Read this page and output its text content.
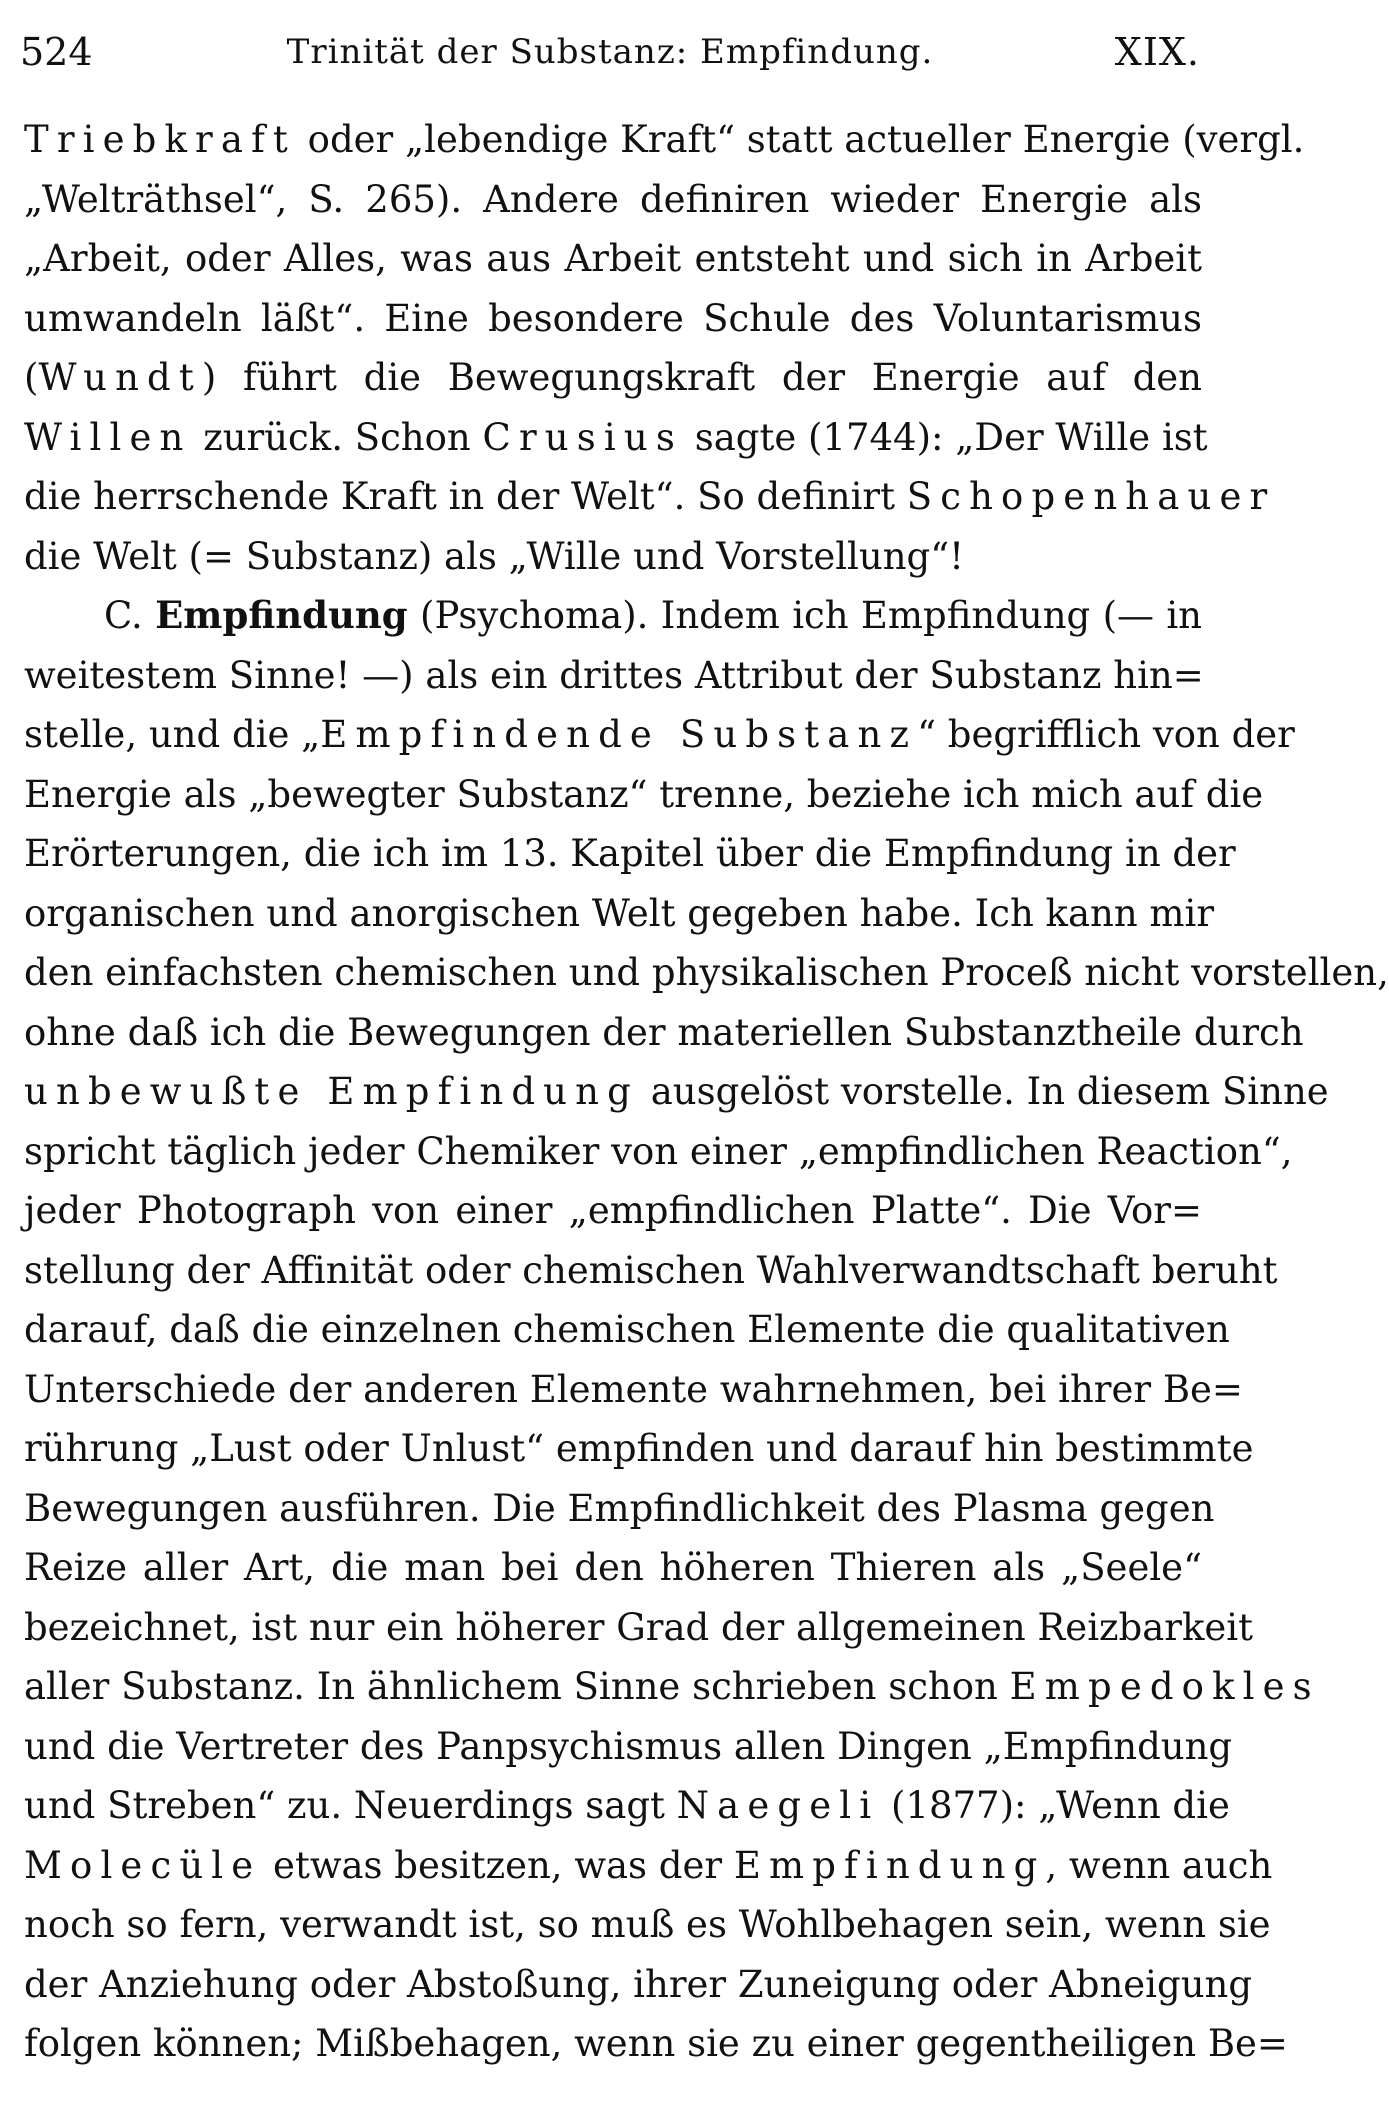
524	Trinität der Substanz: Empfindung.	XIX.
Triebkraft oder „lebendige Kraft“ statt actueller Energie (vergl.
„Welträthsel“, S. 265). Andere definiren wieder Energie als
„Arbeit, oder Alles, was aus Arbeit entsteht und sich in Arbeit
umwandeln läßt“. Eine besondere Schule des Voluntarismus
(Wundt) führt die Bewegungskraft der Energie auf den
Willen zurück. Schon Crusius sagte (1744): „Der Wille ist
die herrschende Kraft in der Welt“. So definirt Schopenhauer
die Welt (= Substanz) als „Wille und Vorstellung“!
C. Empfindung (Psychoma). Indem ich Empfindung (— in
weitestem Sinne! —) als ein drittes Attribut der Substanz hin=
stelle, und die „Empfindende Substanz“ begrifflich von der
Energie als „bewegter Substanz“ trenne, beziehe ich mich auf die
Erörterungen, die ich im 13. Kapitel über die Empfindung in der
organischen und anorgischen Welt gegeben habe. Ich kann mir
den einfachsten chemischen und physikalischen Proceß nicht vorstellen,
ohne daß ich die Bewegungen der materiellen Substanztheile durch
unbewußte Empfindung ausgelöst vorstelle. In diesem Sinne
spricht täglich jeder Chemiker von einer „empfindlichen Reaction“,
jeder Photograph von einer „empfindlichen Platte“. Die Vor=
stellung der Affinität oder chemischen Wahlverwandtschaft beruht
darauf, daß die einzelnen chemischen Elemente die qualitativen
Unterschiede der anderen Elemente wahrnehmen, bei ihrer Be=
rührung „Lust oder Unlust“ empfinden und darauf hin bestimmte
Bewegungen ausführen. Die Empfindlichkeit des Plasma gegen
Reize aller Art, die man bei den höheren Thieren als „Seele“
bezeichnet, ist nur ein höherer Grad der allgemeinen Reizbarkeit
aller Substanz. In ähnlichem Sinne schrieben schon Empedokles
und die Vertreter des Panpsychismus allen Dingen „Empfindung
und Streben“ zu. Neuerdings sagt Naegeli (1877): „Wenn die
Molecüle etwas besitzen, was der Empfindung, wenn auch
noch so fern, verwandt ist, so muß es Wohlbehagen sein, wenn sie
der Anziehung oder Abstoßung, ihrer Zuneigung oder Abneigung
folgen können; Mißbehagen, wenn sie zu einer gegentheiligen Be=
